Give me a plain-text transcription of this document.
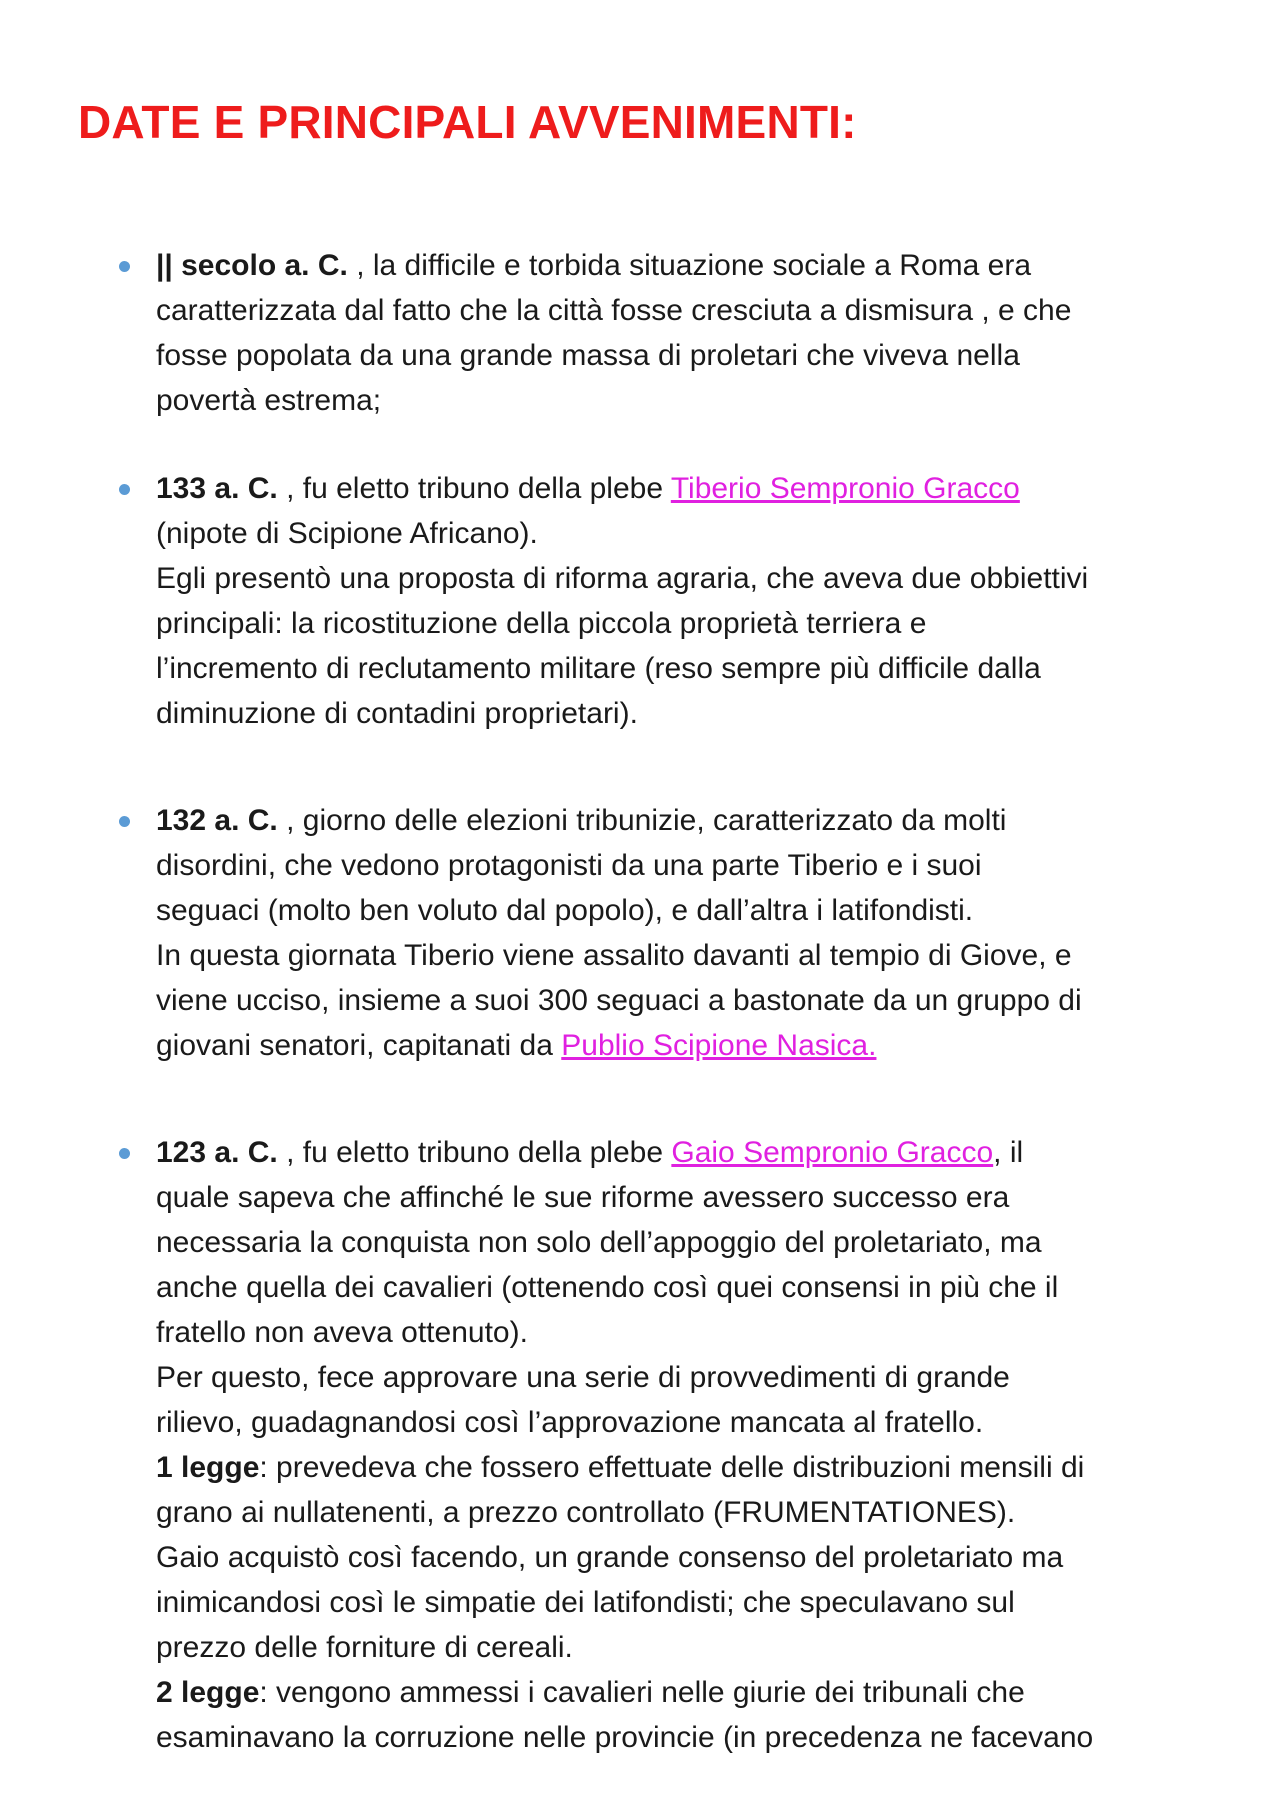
DATE E PRINCIPALI AVVENIMENTI:
|| secolo a. C. , la difficile e torbida situazione sociale a Roma era
caratterizzata dal fatto che la città fosse cresciuta a dismisura , e che
fosse popolata da una grande massa di proletari che viveva nella
povertà estrema;
133 a. C. , fu eletto tribuno della plebe Tiberio Sempronio Gracco
(nipote di Scipione Africano).
Egli presentò una proposta di riforma agraria, che aveva due obbiettivi
principali: la ricostituzione della piccola proprietà terriera e
l’incremento di reclutamento militare (reso sempre più difficile dalla
diminuzione di contadini proprietari).
132 a. C. , giorno delle elezioni tribunizie, caratterizzato da molti
disordini, che vedono protagonisti da una parte Tiberio e i suoi
seguaci (molto ben voluto dal popolo), e dall’altra i latifondisti.
In questa giornata Tiberio viene assalito davanti al tempio di Giove, e
viene ucciso, insieme a suoi 300 seguaci a bastonate da un gruppo di
giovani senatori, capitanati da Publio Scipione Nasica.
123 a. C. , fu eletto tribuno della plebe Gaio Sempronio Gracco, il
quale sapeva che affinché le sue riforme avessero successo era
necessaria la conquista non solo dell’appoggio del proletariato, ma
anche quella dei cavalieri (ottenendo così quei consensi in più che il
fratello non aveva ottenuto).
Per questo, fece approvare una serie di provvedimenti di grande
rilievo, guadagnandosi così l’approvazione mancata al fratello.
1 legge: prevedeva che fossero effettuate delle distribuzioni mensili di
grano ai nullatenenti, a prezzo controllato (FRUMENTATIONES).
Gaio acquistò così facendo, un grande consenso del proletariato ma
inimicandosi così le simpatie dei latifondisti; che speculavano sul
prezzo delle forniture di cereali.
2 legge: vengono ammessi i cavalieri nelle giurie dei tribunali che
esaminavano la corruzione nelle provincie (in precedenza ne facevano
